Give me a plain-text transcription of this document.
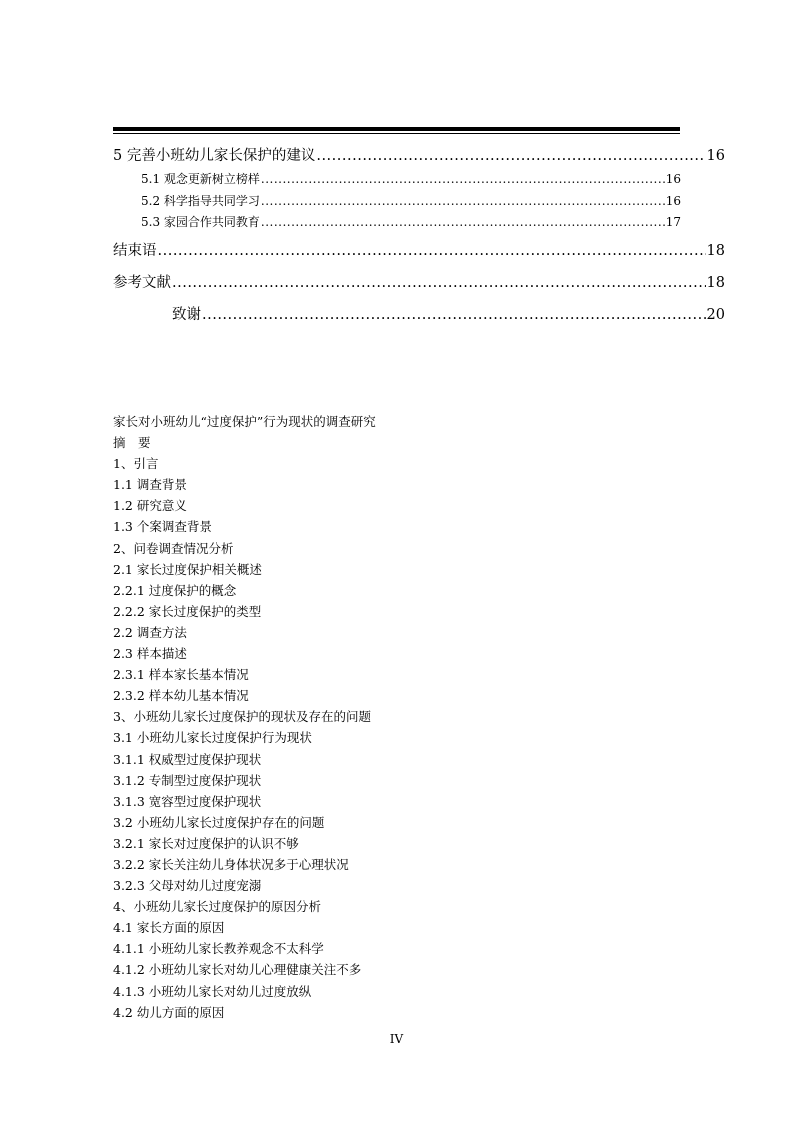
5 完善小班幼儿家长保护的建议 .....	16
5.1 观念更新树立榜样 .....	16
5.2 科学指导共同学习 .....	16
5.3 家园合作共同教育 .....	17
结束语 .....	18
参考文献 .....	18
致谢 .....	20
家长对小班幼儿“过度保护”行为现状的调查研究
摘　要
1、引言
1.1 调查背景
1.2 研究意义
1.3 个案调查背景
2、问卷调查情况分析
2.1 家长过度保护相关概述
2.2.1 过度保护的概念
2.2.2 家长过度保护的类型
2.2 调查方法
2.3 样本描述
2.3.1 样本家长基本情况
2.3.2 样本幼儿基本情况
3、小班幼儿家长过度保护的现状及存在的问题
3.1 小班幼儿家长过度保护行为现状
3.1.1 权威型过度保护现状
3.1.2 专制型过度保护现状
3.1.3 宽容型过度保护现状
3.2 小班幼儿家长过度保护存在的问题
3.2.1 家长对过度保护的认识不够
3.2.2 家长关注幼儿身体状况多于心理状况
3.2.3 父母对幼儿过度宠溺
4、小班幼儿家长过度保护的原因分析
4.1 家长方面的原因
4.1.1 小班幼儿家长教养观念不太科学
4.1.2 小班幼儿家长对幼儿心理健康关注不多
4.1.3 小班幼儿家长对幼儿过度放纵
4.2 幼儿方面的原因
IV
